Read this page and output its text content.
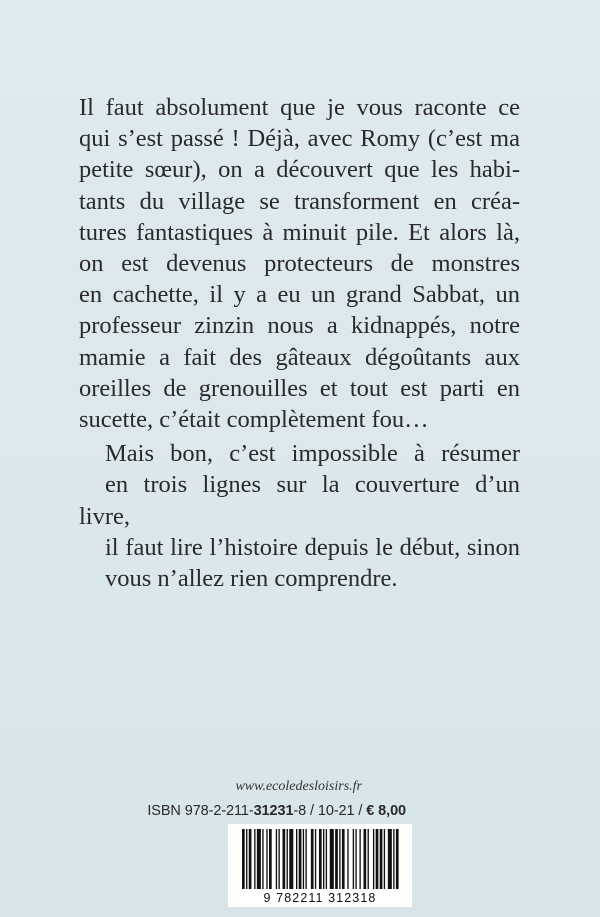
Il faut absolument que je vous raconte ce
qui s’est passé ! Déjà, avec Romy (c’est ma
petite sœur), on a découvert que les habi-
tants du village se transforment en créa-
tures fantastiques à minuit pile. Et alors là,
on est devenus protecteurs de monstres
en cachette, il y a eu un grand Sabbat, un
professeur zinzin nous a kidnappés, notre
mamie a fait des gâteaux dégoûtants aux
oreilles de grenouilles et tout est parti en
sucette, c’était complètement fou…

Mais bon, c’est impossible à résumer
en trois lignes sur la couverture d’un livre,
il faut lire l’histoire depuis le début, sinon
vous n’allez rien comprendre.

www.ecoledesloisirs.fr
ISBN 978-2-211-31231-8 / 10-21 / € 8,00
9 782211 312318
